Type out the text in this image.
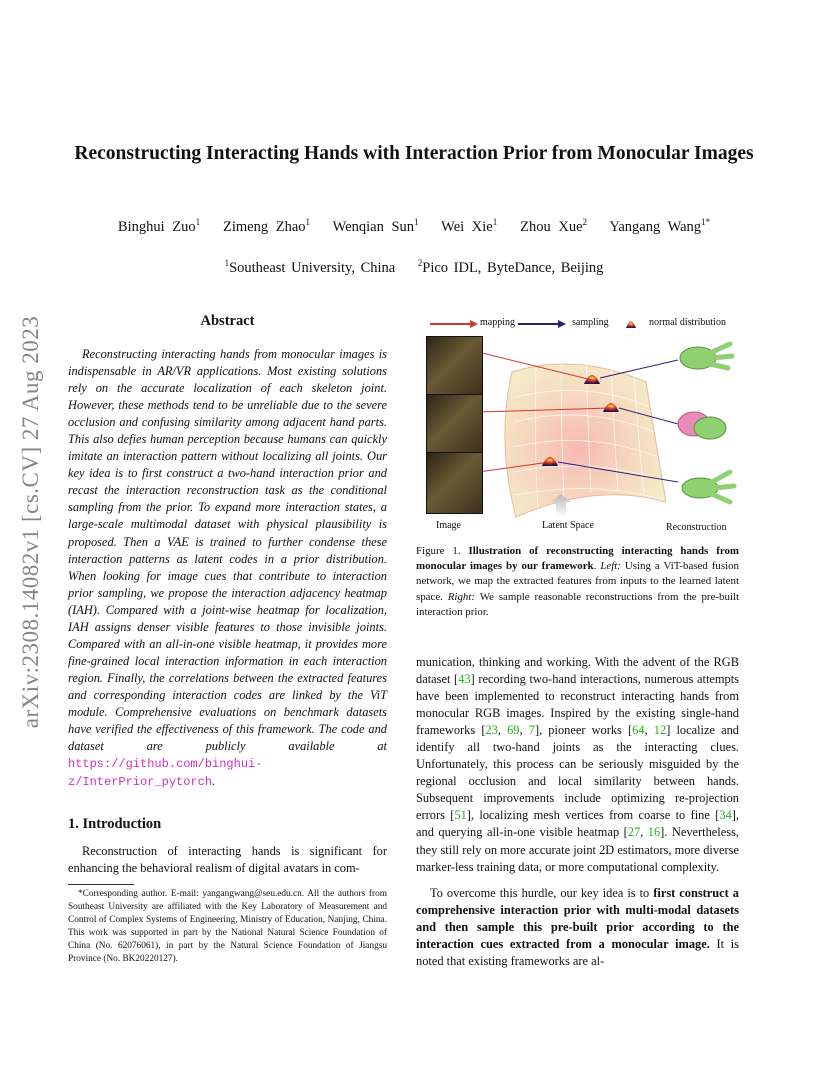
arXiv:2308.14082v1 [cs.CV] 27 Aug 2023
Reconstructing Interacting Hands with Interaction Prior from Monocular Images
Binghui Zuo$^1$ Zimeng Zhao$^1$ Wenqian Sun$^1$ Wei Xie$^1$ Zhou Xue$^2$ Yangang Wang$^{1*}$
$^1$Southeast University, China	$^2$Pico IDL, ByteDance, Beijing
Abstract
Reconstructing interacting hands from monocular images is indispensable in AR/VR applications. Most existing solutions rely on the accurate localization of each skeleton joint. However, these methods tend to be unreliable due to the severe occlusion and confusing similarity among adjacent hand parts. This also defies human perception because humans can quickly imitate an interaction pattern without localizing all joints. Our key idea is to first construct a two-hand interaction prior and recast the interaction reconstruction task as the conditional sampling from the prior. To expand more interaction states, a large-scale multimodal dataset with physical plausibility is proposed. Then a VAE is trained to further condense these interaction patterns as latent codes in a prior distribution. When looking for image cues that contribute to interaction prior sampling, we propose the interaction adjacency heatmap (IAH). Compared with a joint-wise heatmap for localization, IAH assigns denser visible features to those invisible joints. Compared with an all-in-one visible heatmap, it provides more fine-grained local interaction information in each interaction region. Finally, the correlations between the extracted features and corresponding interaction codes are linked by the ViT module. Comprehensive evaluations on benchmark datasets have verified the effectiveness of this framework. The code and dataset are publicly available at https://github.com/binghui-z/InterPrior_pytorch.
1. Introduction
Reconstruction of interacting hands is significant for enhancing the behavioral realism of digital avatars in com-
*Corresponding author. E-mail: yangangwang@seu.edu.cn. All the authors from Southeast University are affiliated with the Key Laboratory of Measurement and Control of Complex Systems of Engineering, Ministry of Education, Nanjing, China. This work was supported in part by the National Natural Science Foundation of China (No. 62076061), in part by the Natural Science Foundation of Jiangsu Province (No. BK20220127).
mapping	sampling	normal distribution
Image	Latent Space	Reconstruction
Figure 1. Illustration of reconstructing interacting hands from monocular images by our framework. Left: Using a ViT-based fusion network, we map the extracted features from inputs to the learned latent space. Right: We sample reasonable reconstructions from the pre-built interaction prior.
munication, thinking and working. With the advent of the RGB dataset [43] recording two-hand interactions, numerous attempts have been implemented to reconstruct interacting hands from monocular RGB images. Inspired by the existing single-hand frameworks [23, 69, 7], pioneer works [64, 12] localize and identify all two-hand joints as the interacting clues. Unfortunately, this process can be seriously misguided by the regional occlusion and local similarity between hands. Subsequent improvements include optimizing re-projection errors [51], localizing mesh vertices from coarse to fine [34], and querying all-in-one visible heatmap [27, 16]. Nevertheless, they still rely on more accurate joint 2D estimators, more diverse marker-less training data, or more computational complexity.
To overcome this hurdle, our key idea is to first construct a comprehensive interaction prior with multi-modal datasets and then sample this pre-built prior according to the interaction cues extracted from a monocular image. It is noted that existing frameworks are al-
